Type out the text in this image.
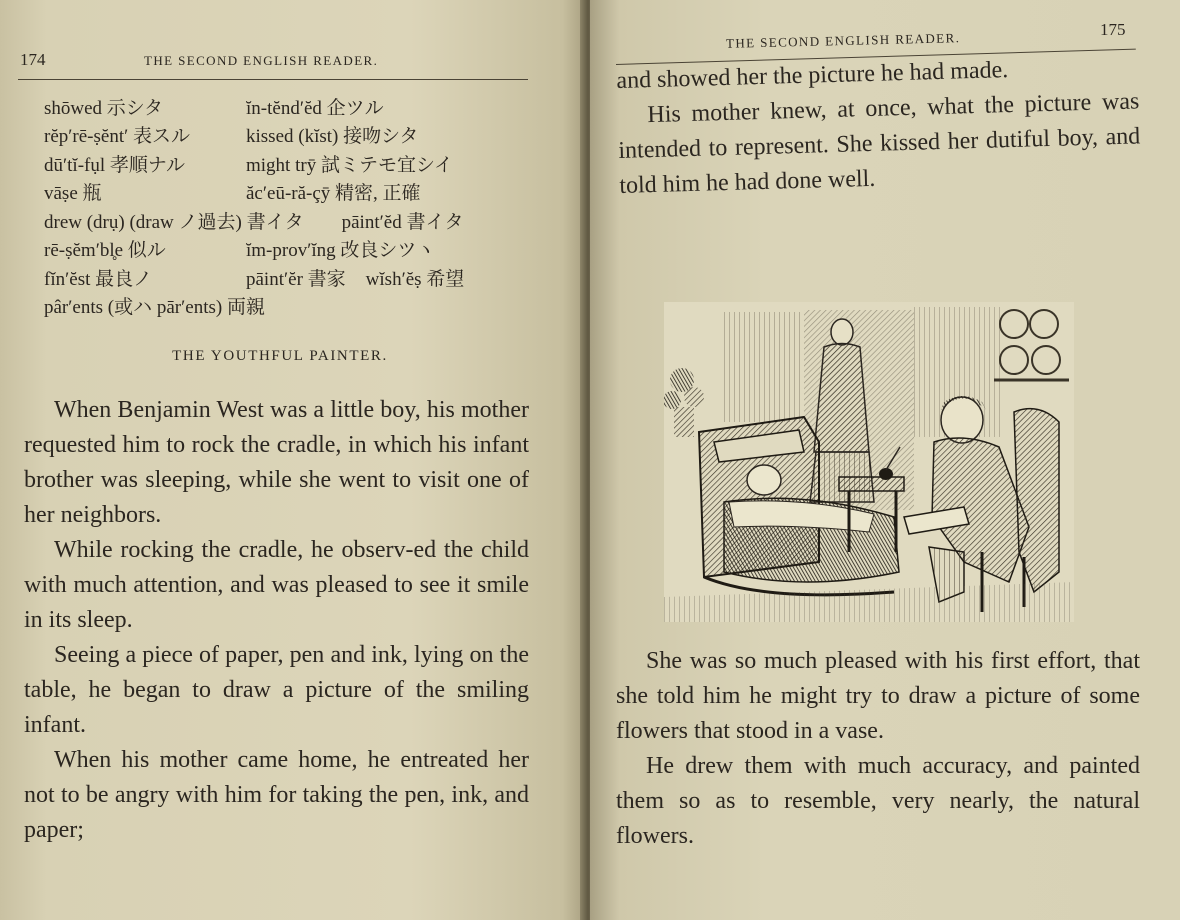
174	THE SECOND ENGLISH READER.
shōwed 示シタ	ĭn-tĕnd′ĕd 企ツル
rĕp′rē-ṣĕnt′ 表スル	kissed (kĭst) 接吻シタ
dū′tĭ-fụl 孝順ナル	might trȳ 試ミテモ宜シイ
vāṣe 瓶	ăc′eū-ră-çȳ 精密, 正確
drew (drụ) (draw ノ過去) 書イタ pāint′ĕd 書イタ
rē-ṣĕm′bl̥e 似ル	ĭm-prov′ĭng 改良シツヽ
fĭn′ĕst 最良ノ	pāint′ĕr 書家 wĭsh′ĕṣ 希望
pâr′ents (或ハ pār′ents) 両親
THE YOUTHFUL PAINTER.

When Benjamin West was a little boy, his mother requested him to rock the cradle, in which his infant brother was sleeping, while she went to visit one of her neighbors.

While rocking the cradle, he observ-ed the child with much attention, and was pleased to see it smile in its sleep.

Seeing a piece of paper, pen and ink, lying on the table, he began to draw a picture of the smiling infant.

When his mother came home, he entreated her not to be angry with him for taking the pen, ink, and paper;

THE SECOND ENGLISH READER.
175

and showed her the picture he had made.

His mother knew, at once, what the picture was intended to represent. She kissed her dutiful boy, and told him he had done well.

She was so much pleased with his first effort, that she told him he might try to draw a picture of some flowers that stood in a vase.

He drew them with much accuracy, and painted them so as to resemble, very nearly, the natural flowers.
